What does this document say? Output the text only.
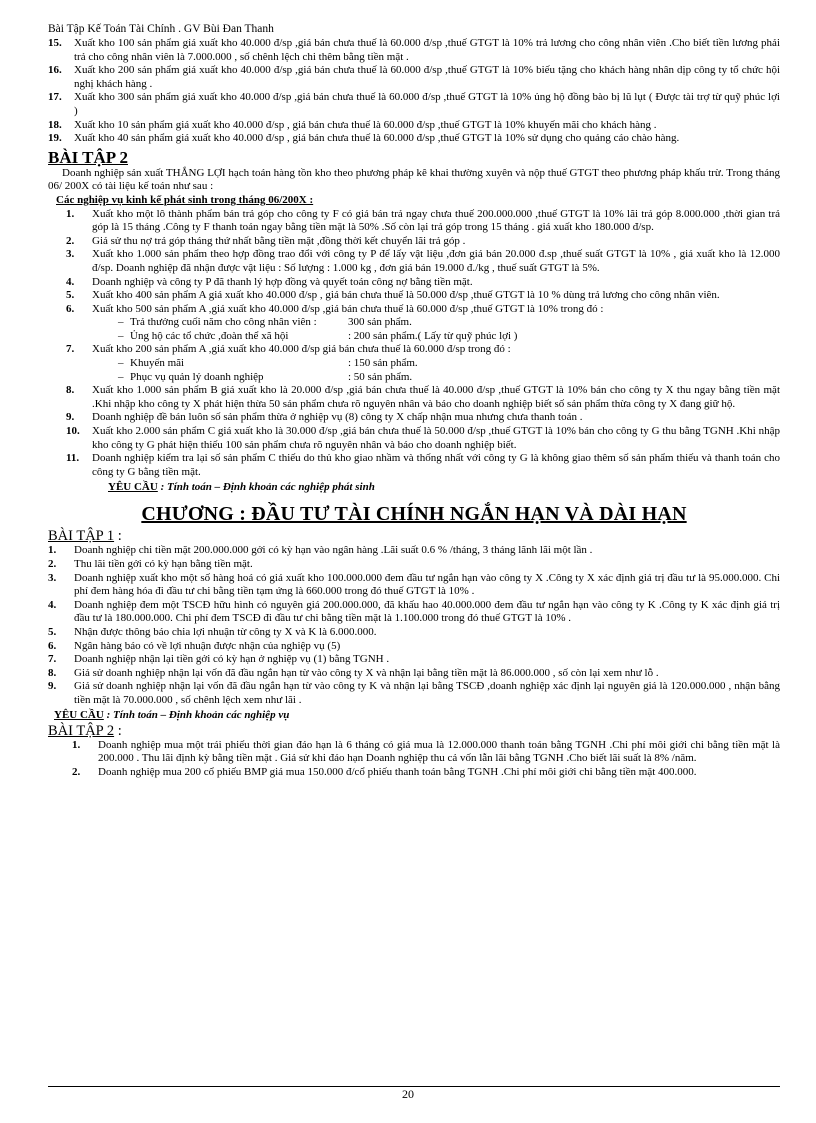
Bài Tập Kế Toán Tài Chính . GV Bùi Đan Thanh

15. Xuất kho 100 sản phẩm giá xuất kho 40.000 đ/sp ,giá bán chưa thuế là 60.000 đ/sp ,thuế GTGT là 10% trả lương cho công nhân viên .Cho biết tiền lương phải trả cho công nhân viên là 7.000.000 , số chênh lệch chi thêm bằng tiền mặt .
16. Xuất kho 200 sản phẩm giá xuất kho 40.000 đ/sp ,giá bán chưa thuế là 60.000 đ/sp ,thuế GTGT là 10% biếu tặng cho khách hàng nhân dịp công ty tổ chức hội nghị khách hàng .
17. Xuất kho 300 sản phẩm giá xuất kho 40.000 đ/sp ,giá bán chưa thuế là 60.000 đ/sp ,thuế GTGT là 10% ủng hộ đồng bào bị lũ lụt ( Được tài trợ từ quỹ phúc lợi )
18. Xuất kho 10 sản phẩm giá xuất kho 40.000 đ/sp , giá bán chưa thuế là 60.000 đ/sp ,thuế GTGT là 10% khuyến mãi cho khách hàng .
19. Xuất kho 40 sản phẩm giá xuất kho 40.000 đ/sp , giá bán chưa thuế là 60.000 đ/sp ,thuế GTGT là 10% sử dụng cho quảng cáo chào hàng.

BÀI TẬP 2

Doanh nghiệp sản xuất THẮNG LỢI hạch toán hàng tồn kho theo phương pháp kê khai thường xuyên và nộp thuế GTGT theo phương pháp khấu trừ. Trong tháng 06/ 200X có tài liệu kế toán như sau :

Các nghiệp vụ kinh kế phát sinh trong tháng 06/200X :

1. Xuất kho một lô thành phẩm bán trả góp cho công ty F có giá bán trả ngay chưa thuế 200.000.000 ,thuế GTGT là 10% lãi trả góp 8.000.000 ,thời gian trả góp là 15 tháng .Công ty F thanh toán ngay bằng tiền mặt là 50% .Số còn lại trả góp trong 15 tháng . giá xuất kho 180.000 đ/sp.
2. Giả sử thu nợ trả góp tháng thứ nhất bằng tiền mặt ,đồng thời kết chuyển lãi trả góp .
3. Xuất kho 1.000 sản phẩm theo hợp đồng trao đổi với công ty P để lấy vật liệu ,đơn giá bán 20.000 đ.sp ,thuế suất GTGT là 10% , giá xuất kho là 12.000 đ/sp. Doanh nghiệp đã nhận được vật liệu : Số lượng : 1.000 kg , đơn giá bán 19.000 đ./kg , thuế suất GTGT là 5%.
4. Doanh nghiệp và công ty P đã thanh lý hợp đồng và quyết toán công nợ bằng tiền mặt.
5. Xuất kho 400 sản phẩm A giá xuất kho 40.000 đ/sp , giá bán chưa thuế là 50.000 đ/sp ,thuế GTGT là 10 % dùng trả lương cho công nhân viên.
6. Xuất kho 500 sản phẩm A ,giá xuất kho 40.000 đ/sp ,giá bán chưa thuế là 60.000 đ/sp ,thuế GTGT là 10% trong đó :
– Trả thưởng cuối năm cho công nhân viên :	300 sản phẩm.
– Ủng hộ các tổ chức ,đoàn thể xã hội	: 200 sản phẩm.( Lấy từ quỹ phúc lợi )
7. Xuất kho 200 sản phẩm A ,giá xuất kho 40.000 đ/sp giá bán chưa thuế là 60.000 đ/sp trong đó :
– Khuyến mãi	: 150 sản phẩm.
– Phục vụ quản lý doanh nghiệp	: 50 sản phẩm.
8. Xuất kho 1.000 sản phẩm B giá xuất kho là 20.000 đ/sp ,giá bán chưa thuế là 40.000 đ/sp ,thuế GTGT là 10% bán cho công ty X thu ngay bằng tiền mặt .Khi nhập kho công ty X phát hiện thừa 50 sản phẩm chưa rõ nguyên nhân và báo cho doanh nghiệp biết số sản phẩm thừa công ty X đang giữ hộ.
9. Doanh nghiệp đề bán luôn số sản phẩm thừa ở nghiệp vụ (8) công ty X chấp nhận mua nhưng chưa thanh toán .
10. Xuất kho 2.000 sản phẩm C giá xuất kho là 30.000 đ/sp ,giá bán chưa thuế là 50.000 đ/sp ,thuế GTGT là 10% bán cho công ty G thu bằng TGNH .Khi nhập kho công ty G phát hiện thiếu 100 sản phẩm chưa rõ nguyên nhân và báo cho doanh nghiệp biết.
11. Doanh nghiệp kiểm tra lại số sản phẩm C thiếu do thủ kho giao nhầm và thống nhất với công ty G là không giao thêm số sản phẩm thiếu và thanh toán cho công ty G bằng tiền mặt.

YÊU CẦU : Tính toán – Định khoản các nghiệp phát sinh

CHƯƠNG : ĐẦU TƯ TÀI CHÍNH NGẮN HẠN VÀ DÀI HẠN

BÀI TẬP 1 :

1. Doanh nghiệp chi tiền mặt 200.000.000 gởi có kỳ hạn vào ngân hàng .Lãi suất 0.6 % /tháng, 3 tháng lãnh lãi một lần .
2. Thu lãi tiền gởi có kỳ hạn bằng tiền mặt.
3. Doanh nghiệp xuất kho một số hàng hoá có giá xuất kho 100.000.000 đem đầu tư ngắn hạn vào công ty X .Công ty X xác định giá trị đầu tư là 95.000.000. Chi phí đem hàng hóa đi đầu tư chi bằng tiền tạm ứng là 660.000 trong đó thuế GTGT là 10% .
4. Doanh nghiệp đem một TSCĐ hữu hình có nguyên giá 200.000.000, đã khấu hao 40.000.000 đem đầu tư ngắn hạn vào công ty K .Công ty K xác định giá trị đầu tư là 180.000.000. Chi phí đem TSCĐ đi đầu tư chi bằng tiền mặt là 1.100.000 trong đó thuế GTGT là 10% .
5. Nhận được thông báo chia lợi nhuận từ công ty X và K là 6.000.000.
6. Ngân hàng báo có về lợi nhuận được nhận của nghiệp vụ (5)
7. Doanh nghiệp nhận lại tiền gởi có kỳ hạn ở nghiệp vụ (1) bằng TGNH .
8. Giả sử doanh nghiệp nhận lại vốn đã đầu ngắn hạn từ vào công ty X và nhận lại bằng tiền mặt là 86.000.000 , số còn lại xem như lỗ .
9. Giả sử doanh nghiệp nhận lại vốn đã đầu ngắn hạn từ vào công ty K và nhận lại bằng TSCĐ ,doanh nghiệp xác định lại nguyên giá là 120.000.000 , nhận bằng tiền mặt là 70.000.000 , số chênh lệch xem như lãi .

YÊU CẦU : Tính toán – Định khoản các nghiệp vụ

BÀI TẬP 2 :

1. Doanh nghiệp mua một trái phiếu thời gian đáo hạn là 6 tháng có giá mua là 12.000.000 thanh toán bằng TGNH .Chi phí môi giới chi bằng tiền mặt là 200.000 . Thu lãi định kỳ bằng tiền mặt . Giả sử khi đáo hạn Doanh nghiệp thu cả vốn lẫn lãi bằng TGNH .Cho biết lãi suất là 8% /năm.
2. Doanh nghiệp mua 200 cổ phiếu BMP giá mua 150.000 đ/cổ phiếu thanh toán bằng TGNH .Chi phí môi giới chi bằng tiền mặt 400.000.
20
